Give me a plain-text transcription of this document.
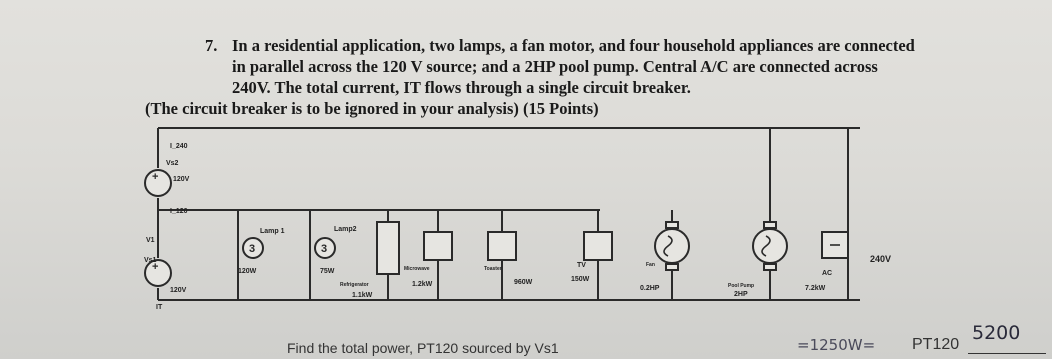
7. In a residential application, two lamps, a fan motor, and four household appliances are connected
in parallel across the 120 V source; and a 2HP pool pump. Central A/C are connected across
240V. The total current, IT flows through a single circuit breaker.
(The circuit breaker is to be ignored in your analysis) (15 Points)
+
+
3	3
I_240
Vs2
120V
I_120
V1
Vs1
120V
IT
Lamp 1	Lamp2
120W	75W
Refrigerator
1.1kW
Microwave
1.2kW
Toaster
960W
TV
150W
Fan
0.2HP	Pool Pump
2HP
AC
7.2kW
240V
Find the total power, PT120 sourced by Vs1	=1250W= PT120
5200
